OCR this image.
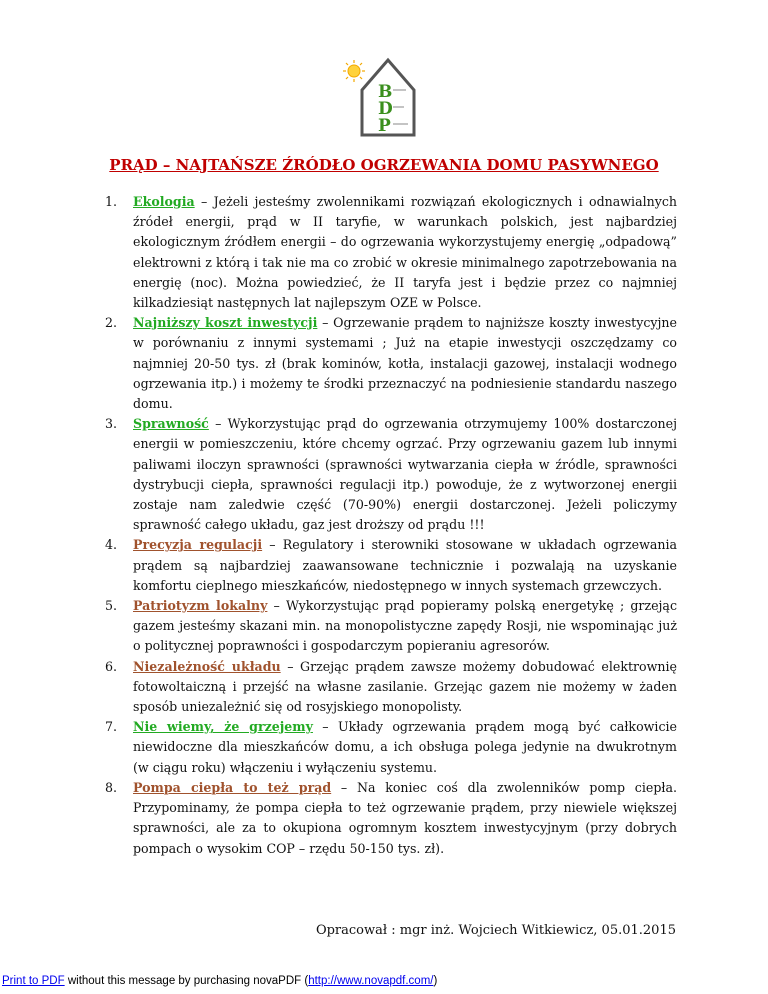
B
D
P
PRĄD – NAJTAŃSZE ŹRÓDŁO OGRZEWANIA DOMU PASYWNEGO
1. Ekologia – Jeżeli jesteśmy zwolennikami rozwiązań ekologicznych i odnawialnych źródeł energii, prąd w II taryfie, w warunkach polskich, jest najbardziej ekologicznym źródłem energii – do ogrzewania wykorzystujemy energię „odpadową” elektrowni z którą i tak nie ma co zrobić w okresie minimalnego zapotrzebowania na energię (noc). Można powiedzieć, że II taryfa jest i będzie przez co najmniej kilkadziesiąt następnych lat najlepszym OZE w Polsce.
2. Najniższy koszt inwestycji – Ogrzewanie prądem to najniższe koszty inwestycyjne w porównaniu z innymi systemami ; Już na etapie inwestycji oszczędzamy co najmniej 20-50 tys. zł (brak kominów, kotła, instalacji gazowej, instalacji wodnego ogrzewania itp.) i możemy te środki przeznaczyć na podniesienie standardu naszego domu.
3. Sprawność – Wykorzystując prąd do ogrzewania otrzymujemy 100% dostarczonej energii w pomieszczeniu, które chcemy ogrzać. Przy ogrzewaniu gazem lub innymi paliwami iloczyn sprawności (sprawności wytwarzania ciepła w źródle, sprawności dystrybucji ciepła, sprawności regulacji itp.) powoduje, że z wytworzonej energii zostaje nam zaledwie część (70-90%) energii dostarczonej. Jeżeli policzymy sprawność całego układu, gaz jest droższy od prądu !!!
4. Precyzja regulacji – Regulatory i sterowniki stosowane w układach ogrzewania prądem są najbardziej zaawansowane technicznie i pozwalają na uzyskanie komfortu cieplnego mieszkańców, niedostępnego w innych systemach grzewczych.
5. Patriotyzm lokalny – Wykorzystując prąd popieramy polską energetykę ; grzejąc gazem jesteśmy skazani min. na monopolistyczne zapędy Rosji, nie wspominając już o politycznej poprawności i gospodarczym popieraniu agresorów.
6. Niezależność układu – Grzejąc prądem zawsze możemy dobudować elektrownię fotowoltaiczną i przejść na własne zasilanie. Grzejąc gazem nie możemy w żaden sposób uniezależnić się od rosyjskiego monopolisty.
7. Nie wiemy, że grzejemy – Układy ogrzewania prądem mogą być całkowicie niewidoczne dla mieszkańców domu, a ich obsługa polega jedynie na dwukrotnym (w ciągu roku) włączeniu i wyłączeniu systemu.
8. Pompa ciepła to też prąd – Na koniec coś dla zwolenników pomp ciepła. Przypominamy, że pompa ciepła to też ogrzewanie prądem, przy niewiele większej sprawności, ale za to okupiona ogromnym kosztem inwestycyjnym (przy dobrych pompach o wysokim COP – rzędu 50-150 tys. zł).
Opracował : mgr inż. Wojciech Witkiewicz, 05.01.2015
Print to PDF without this message by purchasing novaPDF (http://www.novapdf.com/)
